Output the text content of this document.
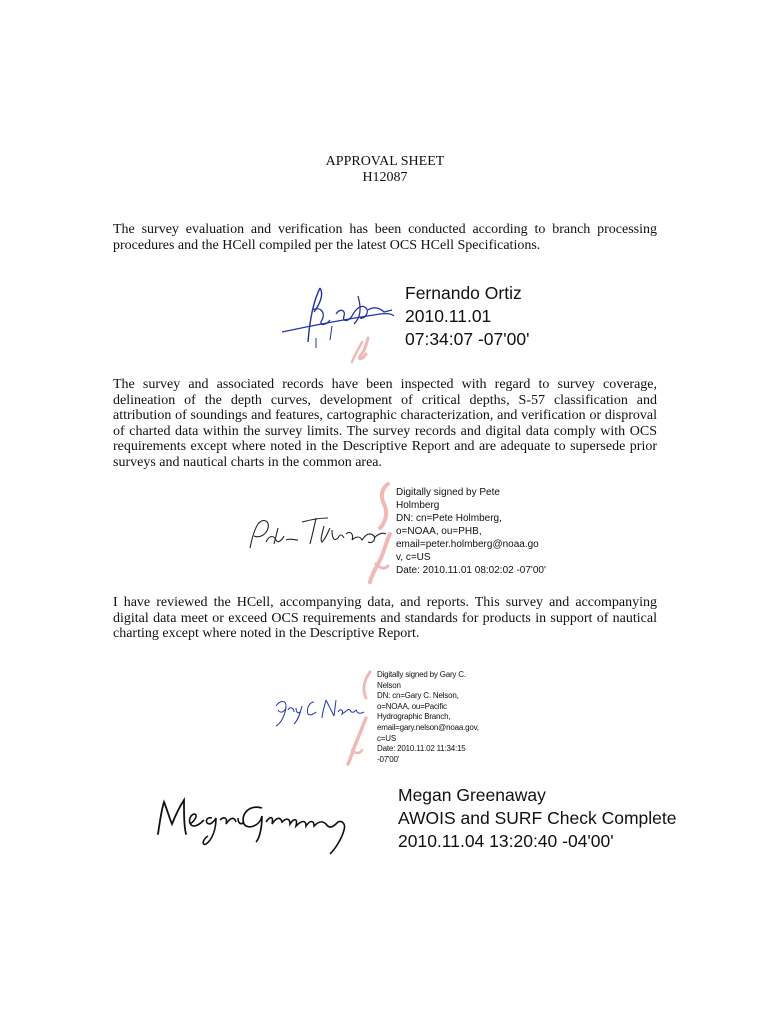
APPROVAL SHEET
H12087

The survey evaluation and verification has been conducted according to branch processing procedures and the HCell compiled per the latest OCS HCell Specifications.

Fernando Ortiz
2010.11.01
07:34:07 -07'00'

The survey and associated records have been inspected with regard to survey coverage, delineation of the depth curves, development of critical depths, S-57 classification and attribution of soundings and features, cartographic characterization, and verification or disproval of charted data within the survey limits. The survey records and digital data comply with OCS requirements except where noted in the Descriptive Report and are adequate to supersede prior surveys and nautical charts in the common area.

Digitally signed by Pete
Holmberg
DN: cn=Pete Holmberg,
o=NOAA, ou=PHB,
email=peter.holmberg@noaa.go
v, c=US
Date: 2010.11.01 08:02:02 -07'00'

I have reviewed the HCell, accompanying data, and reports. This survey and accompanying digital data meet or exceed OCS requirements and standards for products in support of nautical charting except where noted in the Descriptive Report.

Digitally signed by Gary C.
Nelson
DN: cn=Gary C. Nelson,
o=NOAA, ou=Pacific
Hydrographic Branch,
email=gary.nelson@noaa.gov,
c=US
Date: 2010.11.02 11:34:15
-07'00'
Megan Greenaway
AWOIS and SURF Check Complete
2010.11.04 13:20:40 -04'00'
